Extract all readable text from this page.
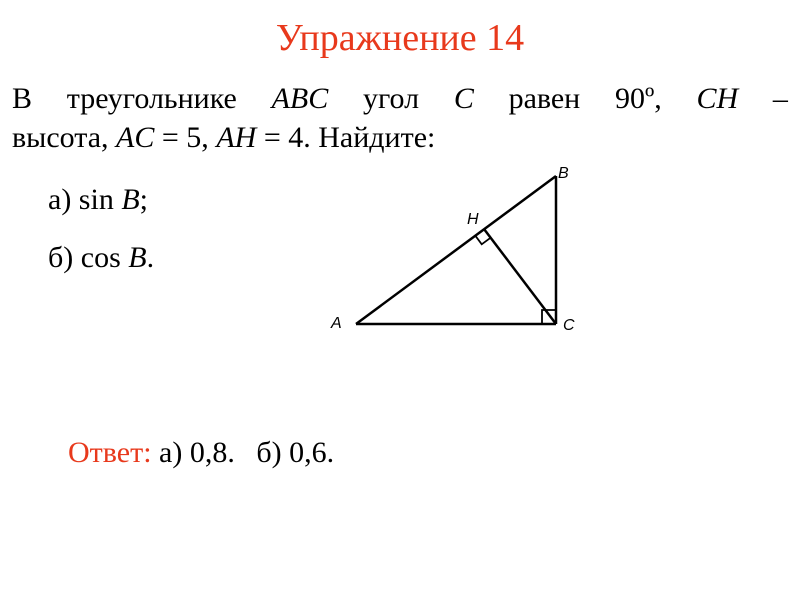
Упражнение 14
В треугольнике ABC угол C равен 90º, CH –
высота, AC = 5, AH = 4. Найдите:
а) sin B;
б) cos B.
A
B
C
H
Ответ: а) 0,8. б) 0,6.
